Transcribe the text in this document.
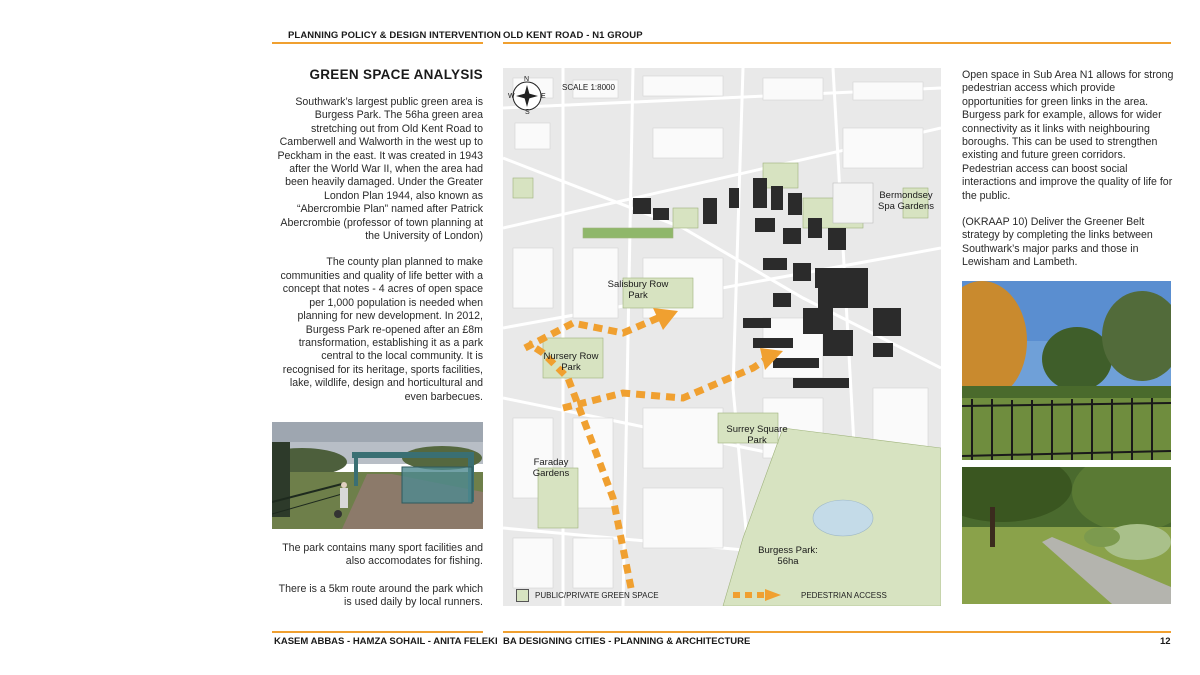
PLANNING POLICY & DESIGN INTERVENTION OLD KENT ROAD - N1 GROUP
GREEN SPACE ANALYSIS

Southwark’s largest public green area is Burgess Park. The 56ha green area stretching out from Old Kent Road to Camberwell and Walworth in the west up to Peckham in the east. It was created in 1943 after the World War II, when the area had been heavily damaged. Under the Greater London Plan 1944, also known as “Abercrombie Plan” named after Patrick Abercrombie (professor of town planning at the University of London)

The county plan planned to make communities and quality of life better with a concept that notes - 4 acres of open space per 1,000 population is needed when planning for new development. In 2012, Burgess Park re-opened after an £8m transformation, establishing it as a park central to the local community. It is recognised for its heritage, sports facilities, lake, wildlife, design and horticultural and even barbecues.

The park contains many sport facilities and also accomodates for fishing.

There is a 5km route around the park which is used daily by local runners.

N
S
W	E
SCALE 1:8000
Bermondsey Spa Gardens
Salisbury Row Park
Nursery Row Park
Surrey Square Park
Faraday Gardens
Burgess Park: 56ha
PUBLIC/PRIVATE GREEN SPACE	PEDESTRIAN ACCESS

Open space in Sub Area N1 allows for strong pedestrian access which provide opportunities for green links in the area. Burgess park for example, allows for wider connectivity as it links with neighbouring boroughs. This can be used to strengthen existing and future green corridors. Pedestrian access can boost social interactions and improve the quality of life for the public.

(OKRAAP 10) Deliver the Greener Belt strategy by completing the links between Southwark’s major parks and those in Lewisham and Lambeth.

KASEM ABBAS - HAMZA SOHAIL - ANITA FELEKI BA DESIGNING CITIES - PLANNING & ARCHITECTURE	12
